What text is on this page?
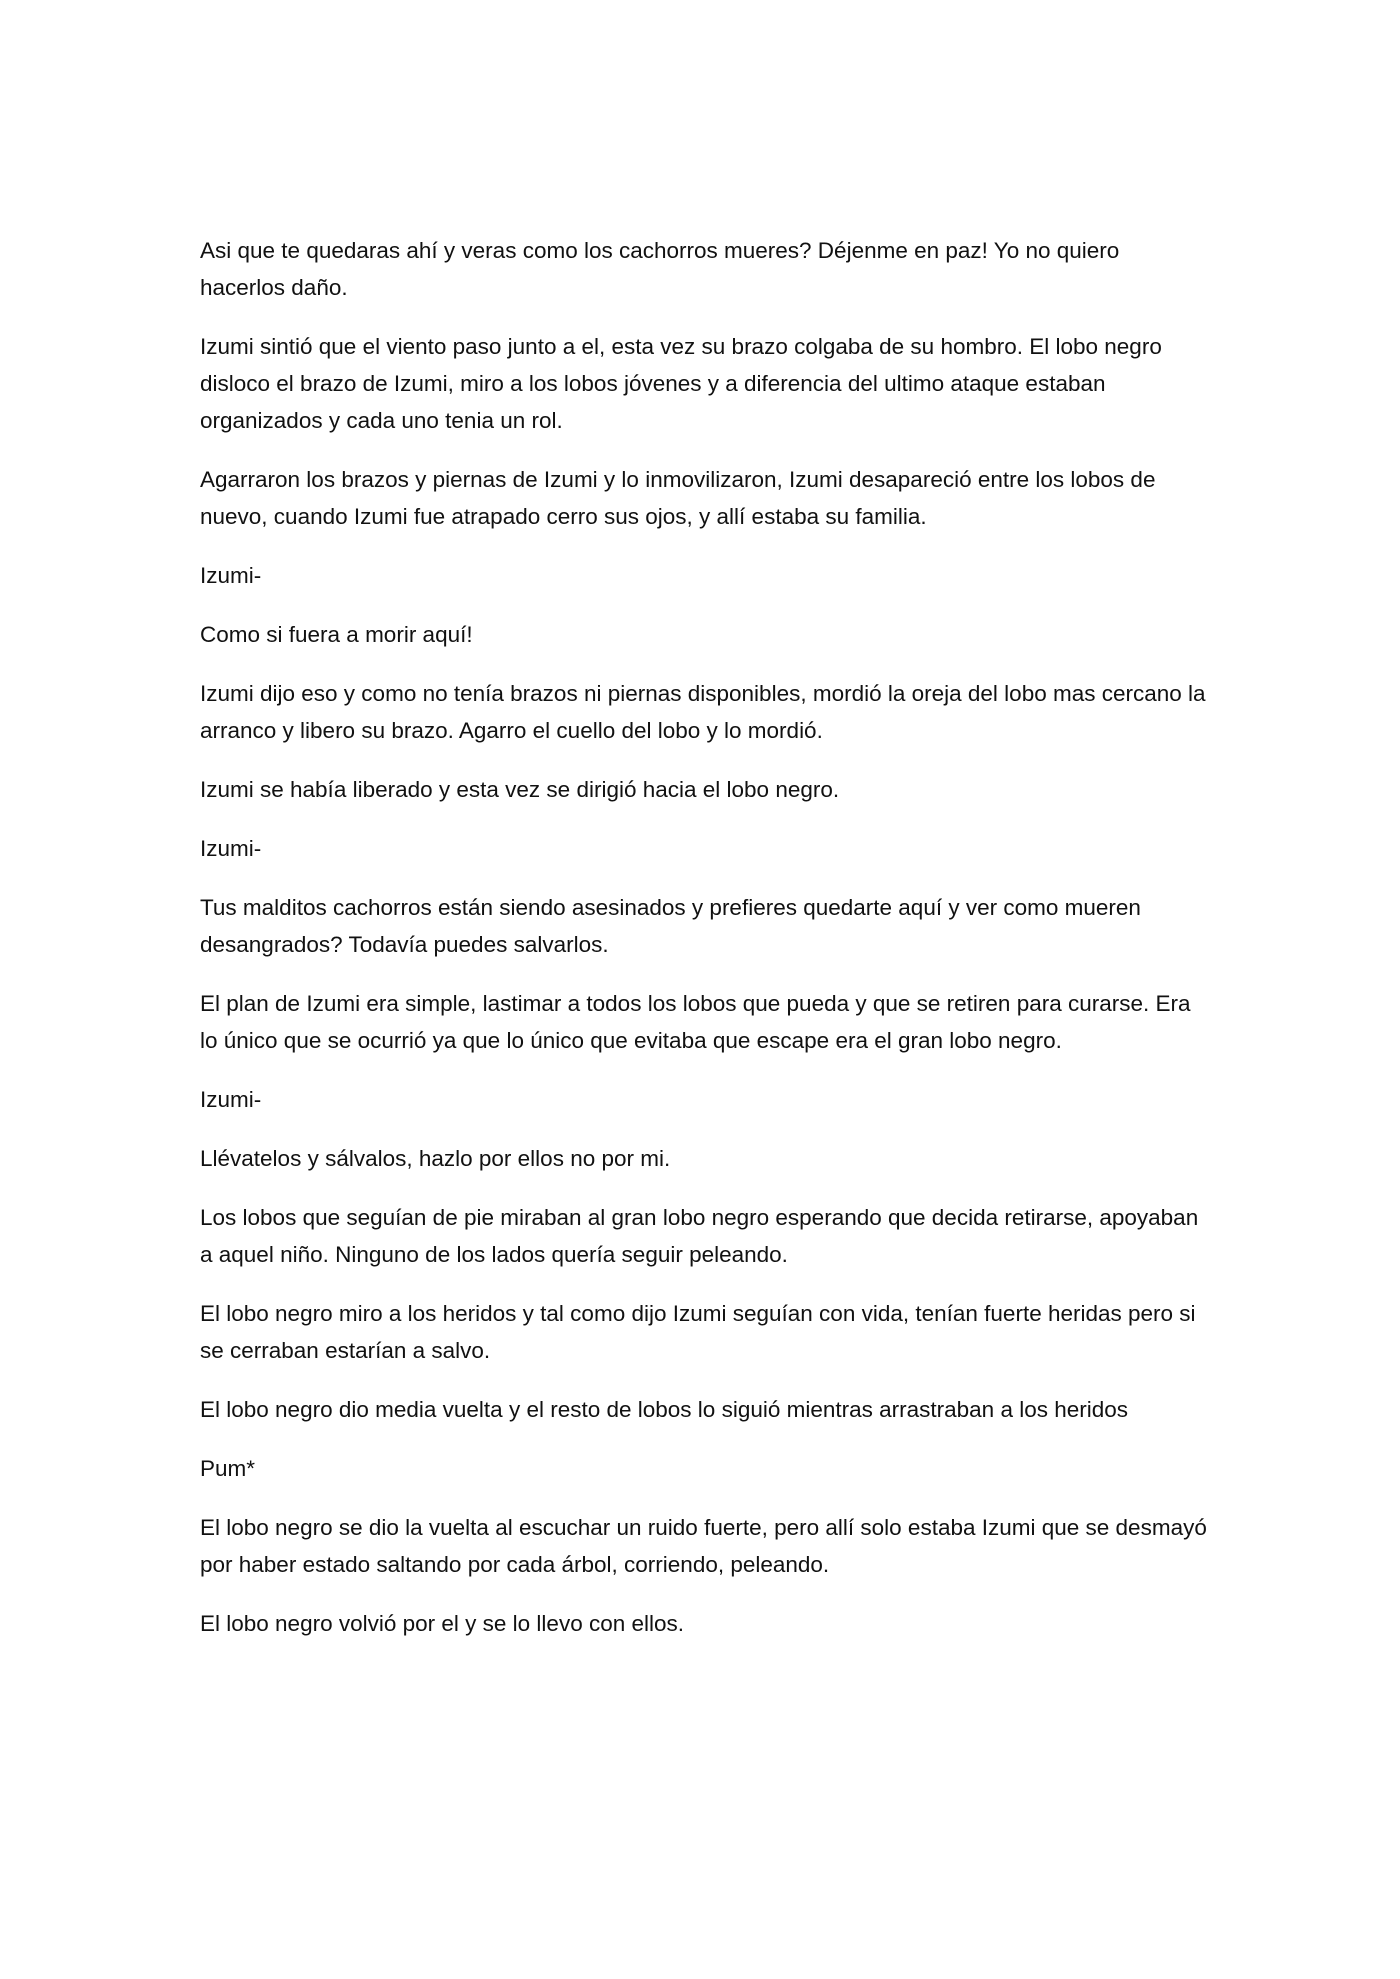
Asi que te quedaras ahí y veras como los cachorros mueres? Déjenme en paz! Yo no quiero hacerlos daño.

Izumi sintió que el viento paso junto a el, esta vez su brazo colgaba de su hombro. El lobo negro disloco el brazo de Izumi, miro a los lobos jóvenes y a diferencia del ultimo ataque estaban organizados y cada uno tenia un rol.

Agarraron los brazos y piernas de Izumi y lo inmovilizaron, Izumi desapareció entre los lobos de nuevo, cuando Izumi fue atrapado cerro sus ojos, y allí estaba su familia.

Izumi-

Como si fuera a morir aquí!

Izumi dijo eso y como no tenía brazos ni piernas disponibles, mordió la oreja del lobo mas cercano la arranco y libero su brazo. Agarro el cuello del lobo y lo mordió.

Izumi se había liberado y esta vez se dirigió hacia el lobo negro.

Izumi-

Tus malditos cachorros están siendo asesinados y prefieres quedarte aquí y ver como mueren desangrados? Todavía puedes salvarlos.

El plan de Izumi era simple, lastimar a todos los lobos que pueda y que se retiren para curarse. Era lo único que se ocurrió ya que lo único que evitaba que escape era el gran lobo negro.

Izumi-

Llévatelos y sálvalos, hazlo por ellos no por mi.

Los lobos que seguían de pie miraban al gran lobo negro esperando que decida retirarse, apoyaban a aquel niño. Ninguno de los lados quería seguir peleando.

El lobo negro miro a los heridos y tal como dijo Izumi seguían con vida, tenían fuerte heridas pero si se cerraban estarían a salvo.

El lobo negro dio media vuelta y el resto de lobos lo siguió mientras arrastraban a los heridos

Pum*

El lobo negro se dio la vuelta al escuchar un ruido fuerte, pero allí solo estaba Izumi que se desmayó por haber estado saltando por cada árbol, corriendo, peleando.

El lobo negro volvió por el y se lo llevo con ellos.
